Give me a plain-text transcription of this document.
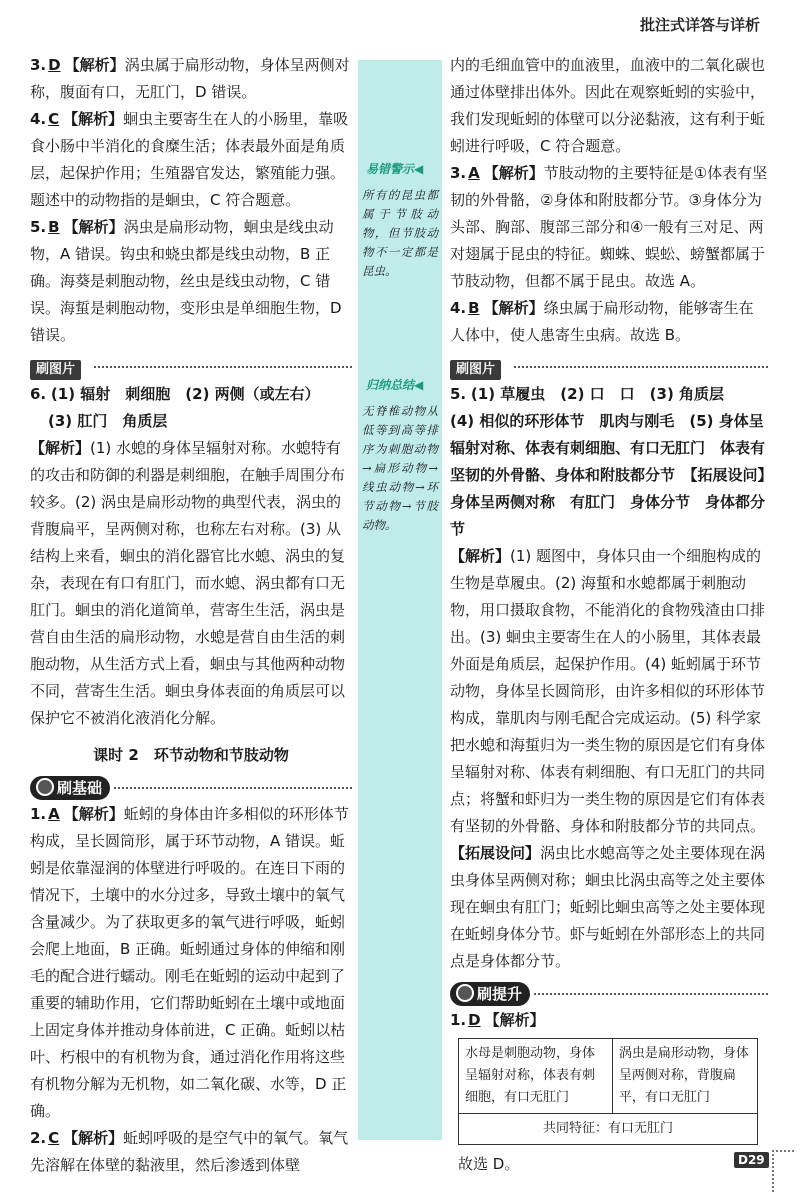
批注式详答与详析
易错警示◀
所有的昆虫都属于节肢动物，但节肢动物不一定都是昆虫。
归纳总结◀
无脊椎动物从低等到高等排序为刺胞动物→扁形动物→线虫动物→环节动物→节肢动物。
3. D 【解析】涡虫属于扁形动物，身体呈两侧对称，腹面有口，无肛门，D 错误。
4. C 【解析】蛔虫主要寄生在人的小肠里，靠吸食小肠中半消化的食糜生活；体表最外面是角质层，起保护作用；生殖器官发达，繁殖能力强。题述中的动物指的是蛔虫，C 符合题意。
5. B 【解析】涡虫是扁形动物，蛔虫是线虫动物，A 错误。钩虫和蛲虫都是线虫动物，B 正确。海葵是刺胞动物，丝虫是线虫动物，C 错误。海蜇是刺胞动物，变形虫是单细胞生物，D 错误。
刷图片
6. (1) 辐射　刺细胞　(2) 两侧（或左右）
(3) 肛门　角质层
【解析】(1) 水螅的身体呈辐射对称。水螅特有的攻击和防御的利器是刺细胞，在触手周围分布较多。(2) 涡虫是扁形动物的典型代表，涡虫的背腹扁平，呈两侧对称，也称左右对称。(3) 从结构上来看，蛔虫的消化器官比水螅、涡虫的复杂，表现在有口有肛门，而水螅、涡虫都有口无肛门。蛔虫的消化道简单，营寄生生活，涡虫是营自由生活的扁形动物，水螅是营自由生活的刺胞动物，从生活方式上看，蛔虫与其他两种动物不同，营寄生生活。蛔虫身体表面的角质层可以保护它不被消化液消化分解。
课时 2　环节动物和节肢动物
刷基础
1. A 【解析】蚯蚓的身体由许多相似的环形体节构成，呈长圆筒形，属于环节动物，A 错误。蚯蚓是依靠湿润的体壁进行呼吸的。在连日下雨的情况下，土壤中的水分过多，导致土壤中的氧气含量减少。为了获取更多的氧气进行呼吸，蚯蚓会爬上地面，B 正确。蚯蚓通过身体的伸缩和刚毛的配合进行蠕动。刚毛在蚯蚓的运动中起到了重要的辅助作用，它们帮助蚯蚓在土壤中或地面上固定身体并推动身体前进，C 正确。蚯蚓以枯叶、朽根中的有机物为食，通过消化作用将这些有机物分解为无机物，如二氧化碳、水等，D 正确。
2. C 【解析】蚯蚓呼吸的是空气中的氧气。氧气先溶解在体壁的黏液里，然后渗透到体壁
内的毛细血管中的血液里，血液中的二氧化碳也通过体壁排出体外。因此在观察蚯蚓的实验中，我们发现蚯蚓的体壁可以分泌黏液，这有利于蚯蚓进行呼吸，C 符合题意。
3. A 【解析】节肢动物的主要特征是①体表有坚韧的外骨骼，②身体和附肢都分节。③身体分为头部、胸部、腹部三部分和④一般有三对足、两对翅属于昆虫的特征。蜘蛛、蜈蚣、螃蟹都属于节肢动物，但都不属于昆虫。故选 A。
4. B 【解析】绦虫属于扁形动物，能够寄生在人体中，使人患寄生虫病。故选 B。
刷图片
5. (1) 草履虫　(2) 口　口　(3) 角质层
(4) 相似的环形体节　肌肉与刚毛　(5) 身体呈辐射对称、体表有刺细胞、有口无肛门　体表有坚韧的外骨骼、身体和附肢都分节　【拓展设问】身体呈两侧对称　有肛门　身体分节　身体都分节
【解析】(1) 题图中，身体只由一个细胞构成的生物是草履虫。(2) 海蜇和水螅都属于刺胞动物，用口摄取食物，不能消化的食物残渣由口排出。(3) 蛔虫主要寄生在人的小肠里，其体表最外面是角质层，起保护作用。(4) 蚯蚓属于环节动物，身体呈长圆筒形，由许多相似的环形体节构成，靠肌肉与刚毛配合完成运动。(5) 科学家把水螅和海蜇归为一类生物的原因是它们有身体呈辐射对称、体表有刺细胞、有口无肛门的共同点；将蟹和虾归为一类生物的原因是它们有体表有坚韧的外骨骼、身体和附肢都分节的共同点。【拓展设问】涡虫比水螅高等之处主要体现在涡虫身体呈两侧对称；蛔虫比涡虫高等之处主要体现在蛔虫有肛门；蚯蚓比蛔虫高等之处主要体现在蚯蚓身体分节。虾与蚯蚓在外部形态上的共同点是身体都分节。
刷提升
1. D 【解析】
水母是刺胞动物，身体呈辐射对称，体表有刺细胞，有口无肛门	涡虫是扁形动物，身体呈两侧对称，背腹扁平，有口无肛门
共同特征：有口无肛门
故选 D。	D29
